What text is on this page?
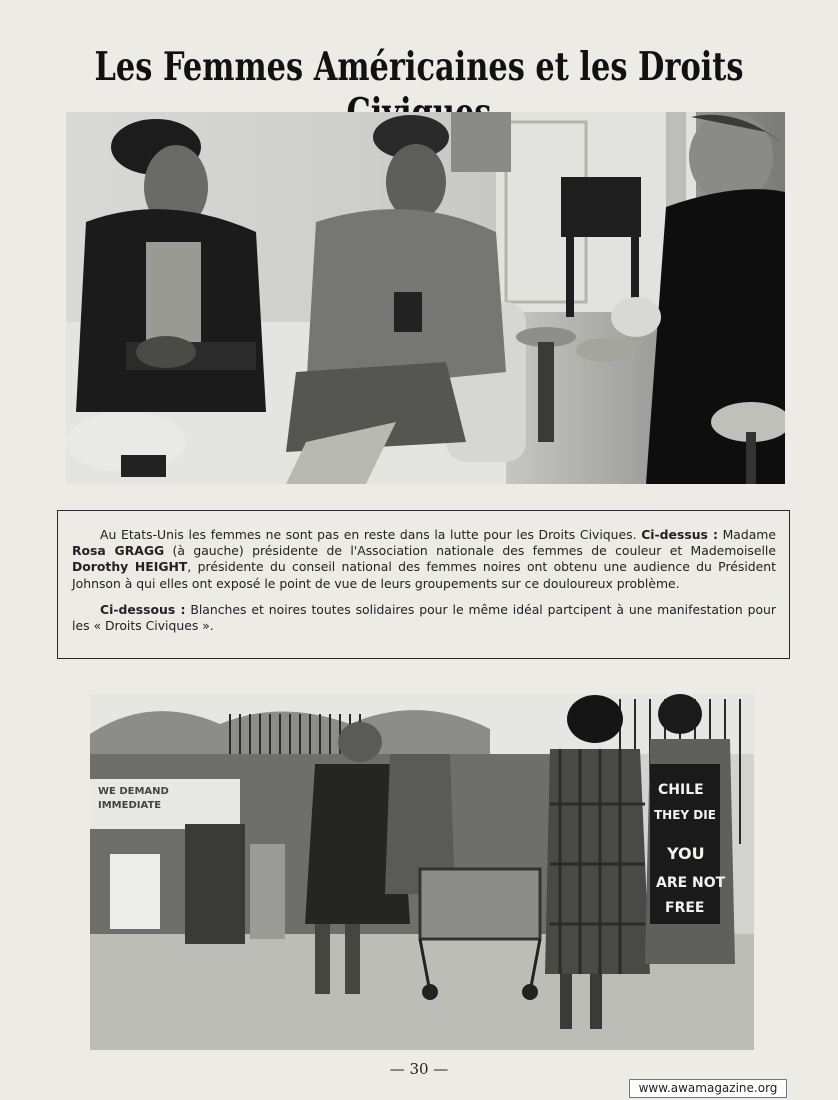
Les Femmes Américaines et les Droits

Au Etats-Unis les femmes ne sont pas en reste dans la lutte pour les Droits Civiques. Ci-dessus : Madame Rosa GRAGG (à gauche) présidente de l'Association nationale des femmes de couleur et Mademoiselle Dorothy HEIGHT, présidente du conseil national des femmes noires ont obtenu une audience du Président Johnson à qui elles ont exposé le point de vue de leurs groupements sur ce douloureux problème.

Ci-dessous : Blanches et noires toutes solidaires pour le même idéal partcipent à une manifestation pour les « Droits Civiques ».

WE DEMAND
IMMEDIATE
CHILE
THEY DIE
YOU
ARE NOT
FREE
— 30 —
www.awamagazine.org
